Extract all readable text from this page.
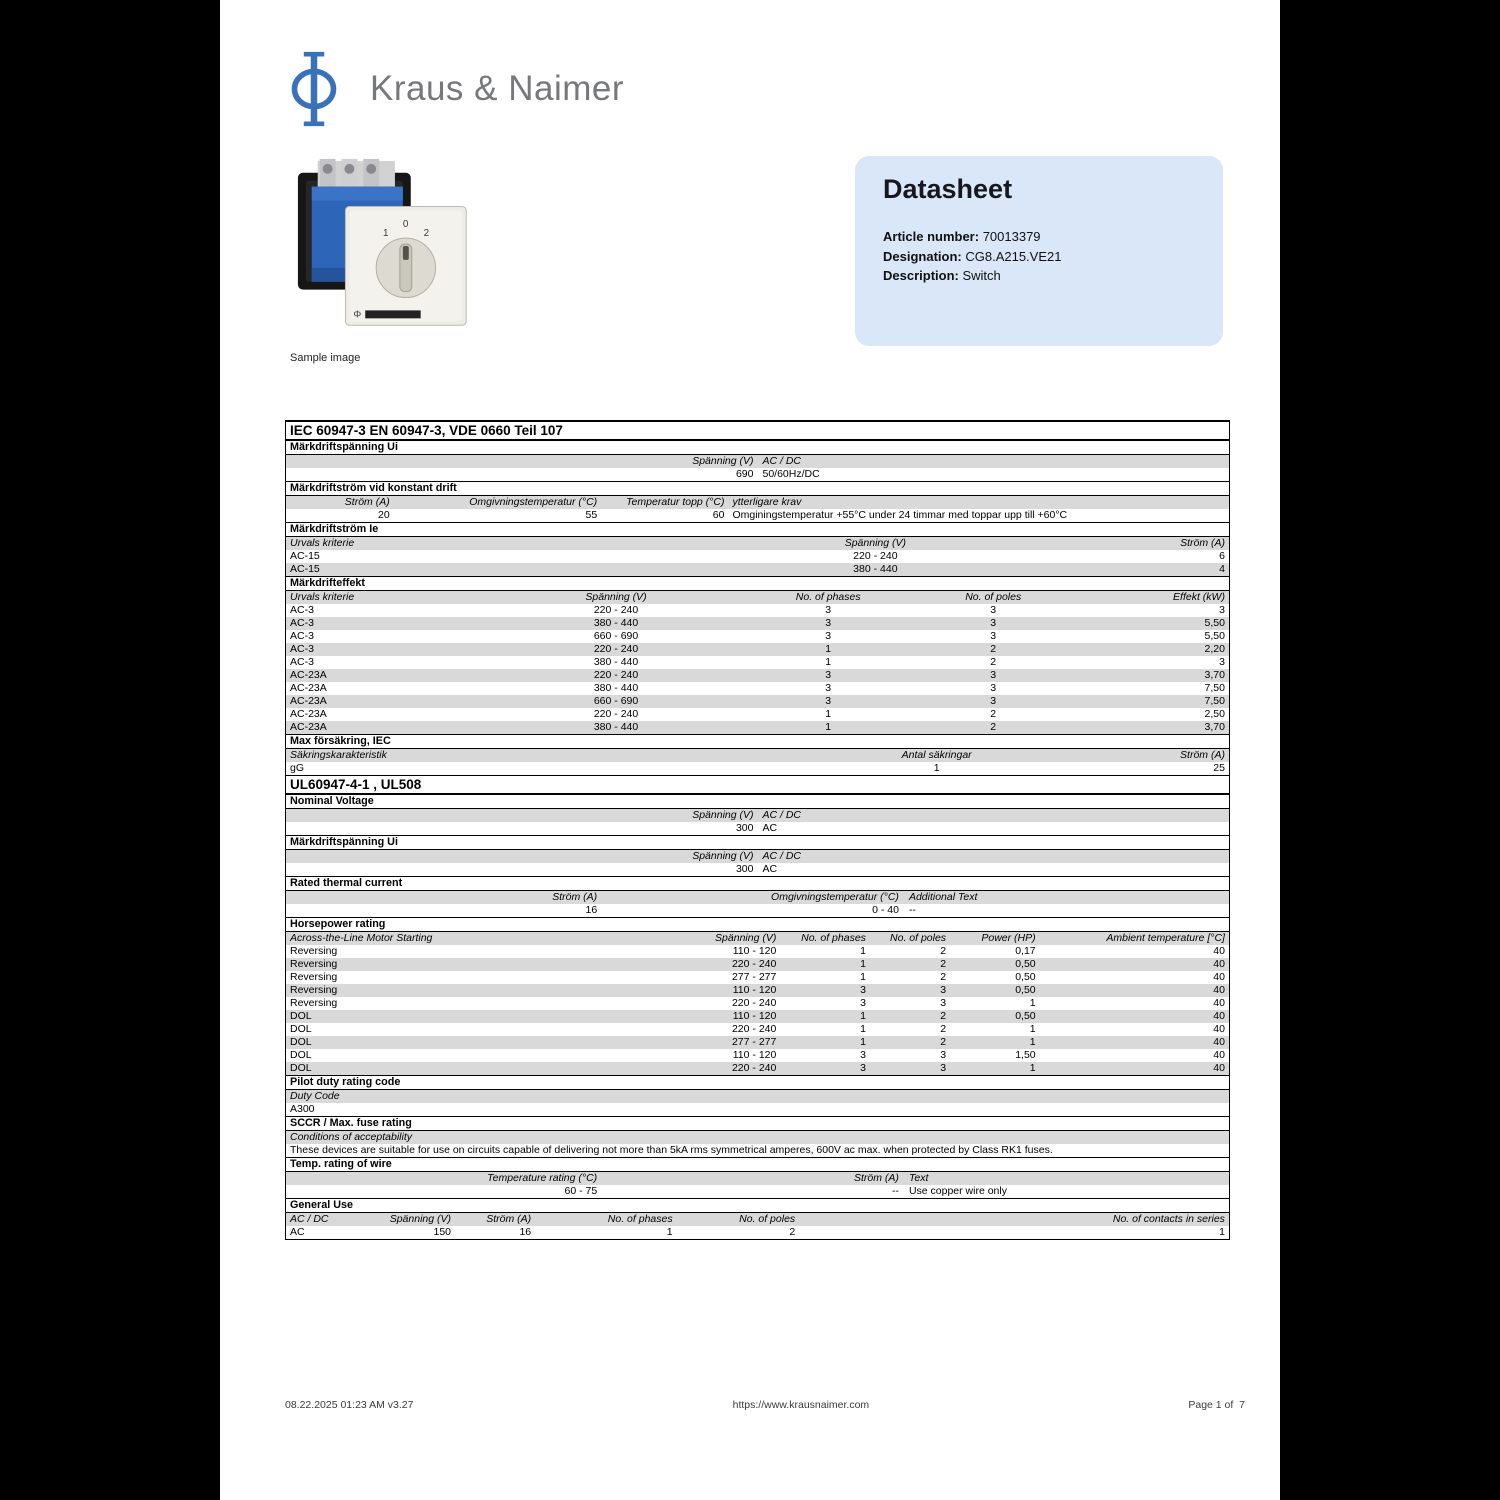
Kraus & Naimer
1
0
2
Φ
Sample image
Datasheet
Article number: 70013379
Designation: CG8.A215.VE21
Description: Switch
IEC 60947-3 EN 60947-3, VDE 0660 Teil 107
Märkdriftspänning Ui
Spänning (V) AC / DC
690 50/60Hz/DC
Märkdriftström vid konstant drift
Ström (A)	Omgivningstemperatur (°C)	Temperatur topp (°C) ytterligare krav
20	55	60 Omginingstemperatur +55°C under 24 timmar med toppar upp till +60°C
Märkdriftström Ie
Urvals kriterie	Spänning (V)	Ström (A)
AC-15	220 - 240	6
AC-15	380 - 440	4
Märkdrifteffekt
Urvals kriterie	Spänning (V)	No. of phases	No. of poles	Effekt (kW)
AC-3	220 - 240	3	3	3
AC-3	380 - 440	3	3	5,50
AC-3	660 - 690	3	3	5,50
AC-3	220 - 240	1	2	2,20
AC-3	380 - 440	1	2	3
AC-23A	220 - 240	3	3	3,70
AC-23A	380 - 440	3	3	7,50
AC-23A	660 - 690	3	3	7,50
AC-23A	220 - 240	1	2	2,50
AC-23A	380 - 440	1	2	3,70
Max försäkring, IEC
Säkringskarakteristik	Antal säkringar	Ström (A)
gG	1	25
UL60947-4-1 , UL508
Nominal Voltage
Spänning (V) AC / DC
300 AC
Märkdriftspänning Ui
Spänning (V) AC / DC
300 AC
Rated thermal current
Ström (A)	Omgivningstemperatur (°C) Additional Text
16	0 - 40 --
Horsepower rating
Across-the-Line Motor Starting	Spänning (V)	No. of phases	No. of poles	Power (HP)	Ambient temperature [°C]
Reversing	110 - 120	1	2	0,17	40
Reversing	220 - 240	1	2	0,50	40
Reversing	277 - 277	1	2	0,50	40
Reversing	110 - 120	3	3	0,50	40
Reversing	220 - 240	3	3	1	40
DOL	110 - 120	1	2	0,50	40
DOL	220 - 240	1	2	1	40
DOL	277 - 277	1	2	1	40
DOL	110 - 120	3	3	1,50	40
DOL	220 - 240	3	3	1	40
Pilot duty rating code
Duty Code
A300
SCCR / Max. fuse rating
Conditions of acceptability
These devices are suitable for use on circuits capable of delivering not more than 5kA rms symmetrical amperes, 600V ac max. when protected by Class RK1 fuses.
Temp. rating of wire
Temperature rating (°C)	Ström (A) Text
60 - 75	-- Use copper wire only
General Use
AC / DC	Spänning (V)	Ström (A)	No. of phases	No. of poles	No. of contacts in series
AC	150	16	1	2	1
08.22.2025 01:23 AM v3.27	https://www.krausnaimer.com	Page 1 of  7
